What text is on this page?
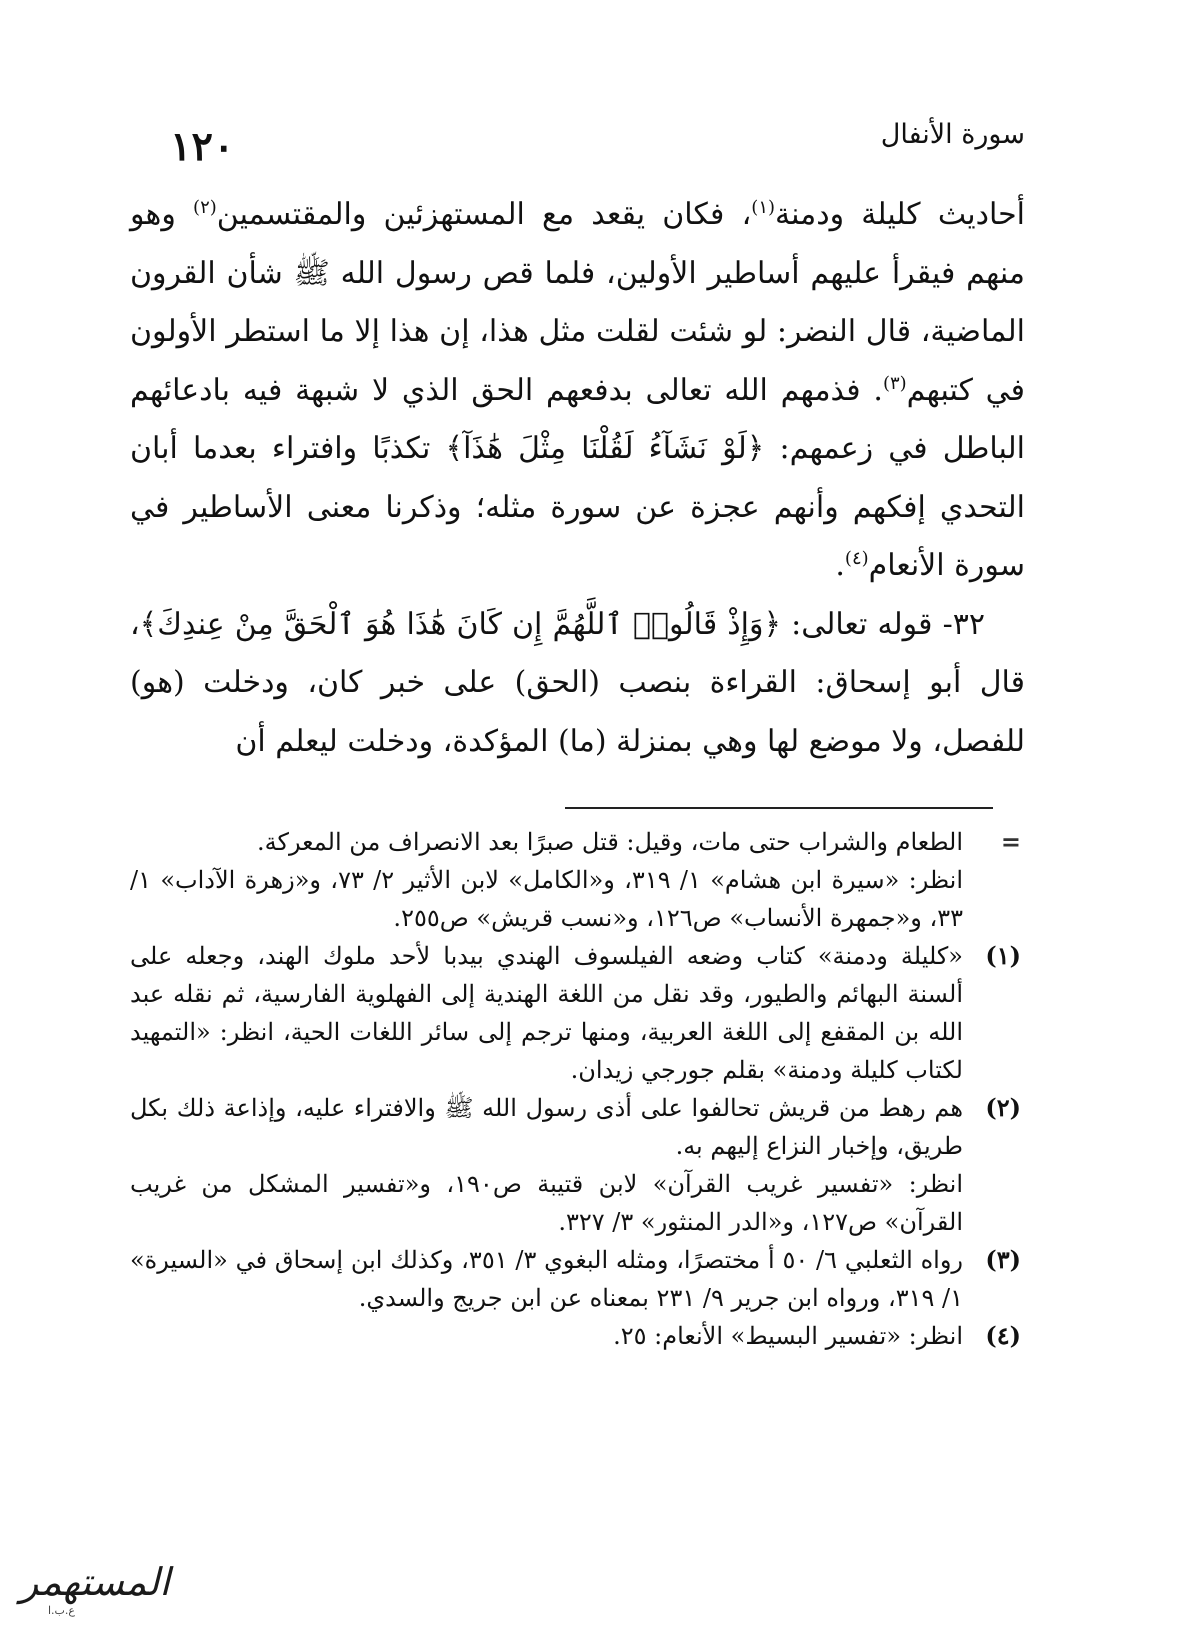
سورة الأنفال
١٢٠

أحاديث كليلة ودمنة$^{(١)}$، فكان يقعد مع المستهزئين والمقتسمين$^{(٢)}$ وهو منهم فيقرأ عليهم أساطير الأولين، فلما قص رسول الله ﷺ شأن القرون الماضية، قال النضر: لو شئت لقلت مثل هذا، إن هذا إلا ما استطر الأولون في كتبهم$^{(٣)}$. فذمهم الله تعالى بدفعهم الحق الذي لا شبهة فيه بادعائهم الباطل في زعمهم: ﴿لَوْ نَشَآءُ لَقُلْنَا مِثْلَ هَٰذَآ﴾ تكذبًا وافتراء بعدما أبان التحدي إفكهم وأنهم عجزة عن سورة مثله؛ وذكرنا معنى الأساطير في سورة الأنعام$^{(٤)}$.

٣٢- قوله تعالى: ﴿وَإِذْ قَالُوا۟ ٱللَّهُمَّ إِن كَانَ هَٰذَا هُوَ ٱلْحَقَّ مِنْ عِندِكَ﴾، قال أبو إسحاق: القراءة بنصب (الحق) على خبر كان، ودخلت (هو) للفصل، ولا موضع لها وهي بمنزلة (ما) المؤكدة، ودخلت ليعلم أن

=
الطعام والشراب حتى مات، وقيل: قتل صبرًا بعد الانصراف من المعركة.
انظر: «سيرة ابن هشام» ١/ ٣١٩، و«الكامل» لابن الأثير ٢/ ٧٣، و«زهرة الآداب» ١/ ٣٣، و«جمهرة الأنساب» ص١٢٦، و«نسب قريش» ص٢٥٥.
(١)
«كليلة ودمنة» كتاب وضعه الفيلسوف الهندي بيدبا لأحد ملوك الهند، وجعله على ألسنة البهائم والطيور، وقد نقل من اللغة الهندية إلى الفهلوية الفارسية، ثم نقله عبد الله بن المقفع إلى اللغة العربية، ومنها ترجم إلى سائر اللغات الحية، انظر: «التمهيد لكتاب كليلة ودمنة» بقلم جورجي زيدان.
(٢)
هم رهط من قريش تحالفوا على أذى رسول الله ﷺ والافتراء عليه، وإذاعة ذلك بكل طريق، وإخبار النزاع إليهم به.
انظر: «تفسير غريب القرآن» لابن قتيبة ص١٩٠، و«تفسير المشكل من غريب القرآن» ص١٢٧، و«الدر المنثور» ٣/ ٣٢٧.
(٣)
رواه الثعلبي ٦/ ٥٠ أ مختصرًا، ومثله البغوي ٣/ ٣٥١، وكذلك ابن إسحاق في «السيرة» ١/ ٣١٩، ورواه ابن جرير ٩/ ٢٣١ بمعناه عن ابن جريج والسدي.
(٤)
انظر: «تفسير البسيط» الأنعام: ٢٥.
المستهمر
ع.ب.ا
